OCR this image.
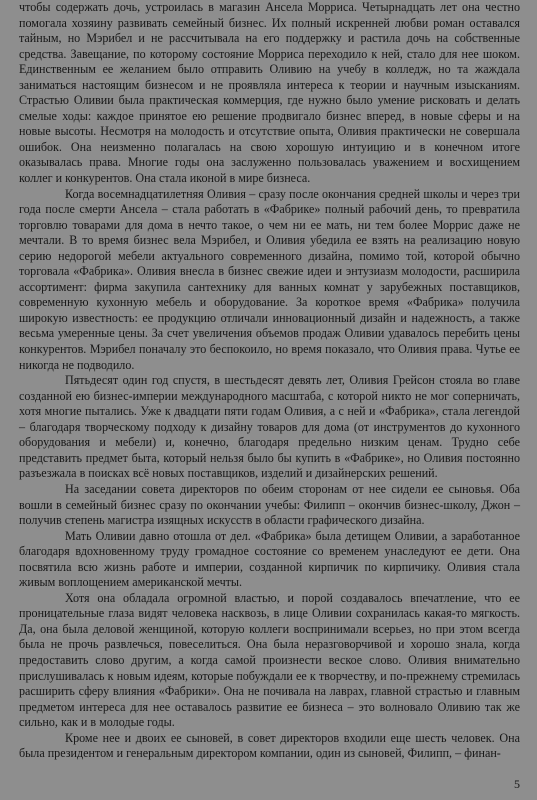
чтобы содержать дочь, устроилась в магазин Ансела Морриса. Четырнадцать лет она честно помогала хозяину развивать семейный бизнес. Их полный искренней любви роман оставался тайным, но Мэрибел и не рассчитывала на его поддержку и растила дочь на собственные средства. Завещание, по которому состояние Морриса переходило к ней, стало для нее шоком. Единственным ее желанием было отправить Оливию на учебу в колледж, но та жаждала заниматься настоящим бизнесом и не проявляла интереса к теории и научным изысканиям. Страстью Оливии была практическая коммерция, где нужно было умение рисковать и делать смелые ходы: каждое принятое ею решение продвигало бизнес вперед, в новые сферы и на новые высоты. Несмотря на молодость и отсутствие опыта, Оливия практически не совершала ошибок. Она неизменно полагалась на свою хорошую интуицию и в конечном итоге оказывалась права. Многие годы она заслуженно пользовалась уважением и восхищением коллег и конкурентов. Она стала иконой в мире бизнеса.

Когда восемнадцатилетняя Оливия – сразу после окончания средней школы и через три года после смерти Ансела – стала работать в «Фабрике» полный рабочий день, то превратила торговлю товарами для дома в нечто такое, о чем ни ее мать, ни тем более Моррис даже не мечтали. В то время бизнес вела Мэрибел, и Оливия убедила ее взять на реализацию новую серию недорогой мебели актуального современного дизайна, помимо той, которой обычно торговала «Фабрика». Оливия внесла в бизнес свежие идеи и энтузиазм молодости, расширила ассортимент: фирма закупила сантехнику для ванных комнат у зарубежных поставщиков, современную кухонную мебель и оборудование. За короткое время «Фабрика» получила широкую известность: ее продукцию отличали инновационный дизайн и надежность, а также весьма умеренные цены. За счет увеличения объемов продаж Оливии удавалось перебить цены конкурентов. Мэрибел поначалу это беспокоило, но время показало, что Оливия права. Чутье ее никогда не подводило.

Пятьдесят один год спустя, в шестьдесят девять лет, Оливия Грейсон стояла во главе созданной ею бизнес-империи международного масштаба, с которой никто не мог соперничать, хотя многие пытались. Уже к двадцати пяти годам Оливия, а с ней и «Фабрика», стала легендой – благодаря творческому подходу к дизайну товаров для дома (от инструментов до кухонного оборудования и мебели) и, конечно, благодаря предельно низким ценам. Трудно себе представить предмет быта, который нельзя было бы купить в «Фабрике», но Оливия постоянно разъезжала в поисках всё новых поставщиков, изделий и дизайнерских решений.

На заседании совета директоров по обеим сторонам от нее сидели ее сыновья. Оба вошли в семейный бизнес сразу по окончании учебы: Филипп – окончив бизнес-школу, Джон – получив степень магистра изящных искусств в области графического дизайна.

Мать Оливии давно отошла от дел. «Фабрика» была детищем Оливии, а заработанное благодаря вдохновенному труду громадное состояние со временем унаследуют ее дети. Она посвятила всю жизнь работе и империи, созданной кирпичик по кирпичику. Оливия стала живым воплощением американской мечты.

Хотя она обладала огромной властью, и порой создавалось впечатление, что ее проницательные глаза видят человека насквозь, в лице Оливии сохранилась какая-то мягкость. Да, она была деловой женщиной, которую коллеги воспринимали всерьез, но при этом всегда была не прочь развлечься, повеселиться. Она была неразговорчивой и хорошо знала, когда предоставить слово другим, а когда самой произнести веское слово. Оливия внимательно прислушивалась к новым идеям, которые побуждали ее к творчеству, и по-прежнему стремилась расширить сферу влияния «Фабрики». Она не почивала на лаврах, главной страстью и главным предметом интереса для нее оставалось развитие ее бизнеса – это волновало Оливию так же сильно, как и в молодые годы.

Кроме нее и двоих ее сыновей, в совет директоров входили еще шесть человек. Она была президентом и генеральным директором компании, один из сыновей, Филипп, – финан-

5
